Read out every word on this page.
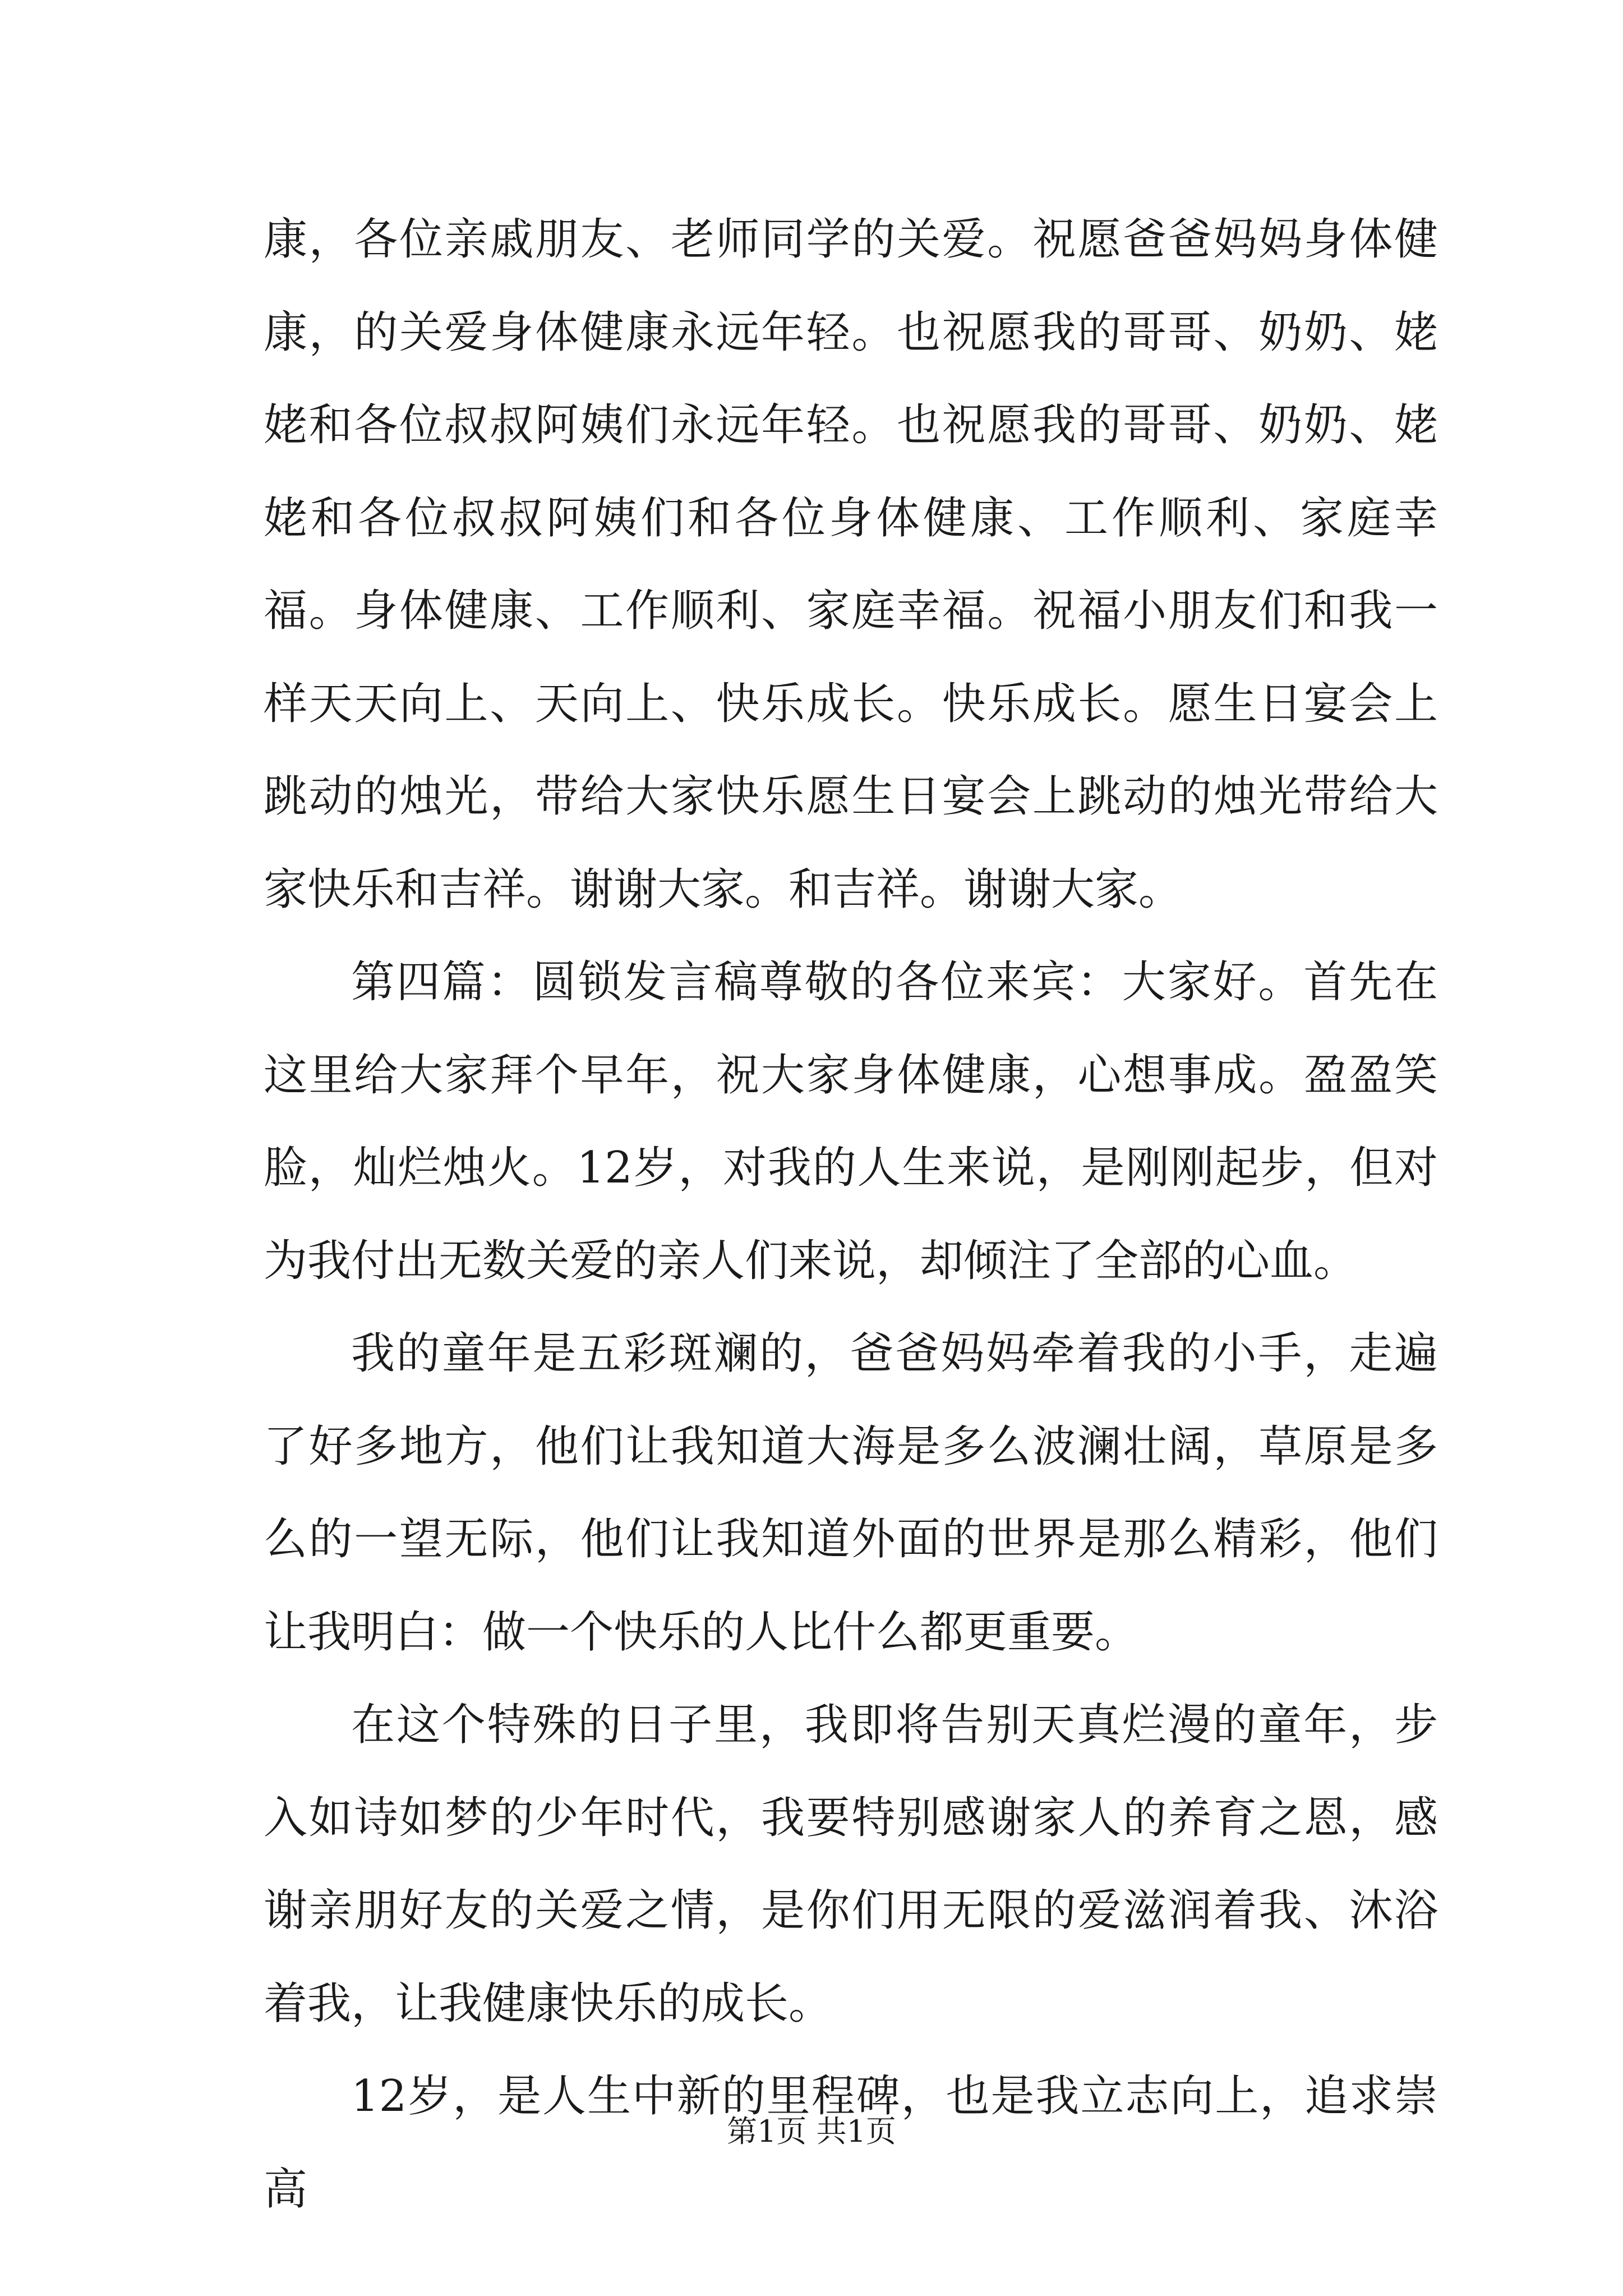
康，各位亲戚朋友、老师同学的关爱。祝愿爸爸妈妈身体健康，的关爱身体健康永远年轻。也祝愿我的哥哥、奶奶、姥姥和各位叔叔阿姨们永远年轻。也祝愿我的哥哥、奶奶、姥姥和各位叔叔阿姨们和各位身体健康、工作顺利、家庭幸福。身体健康、工作顺利、家庭幸福。祝福小朋友们和我一样天天向上、天向上、快乐成长。快乐成长。愿生日宴会上跳动的烛光，带给大家快乐愿生日宴会上跳动的烛光带给大家快乐和吉祥。谢谢大家。和吉祥。谢谢大家。

第四篇：圆锁发言稿尊敬的各位来宾：大家好。首先在这里给大家拜个早年，祝大家身体健康，心想事成。盈盈笑脸，灿烂烛火。12岁，对我的人生来说，是刚刚起步，但对为我付出无数关爱的亲人们来说，却倾注了全部的心血。

我的童年是五彩斑斓的，爸爸妈妈牵着我的小手，走遍了好多地方，他们让我知道大海是多么波澜壮阔，草原是多么的一望无际，他们让我知道外面的世界是那么精彩，他们让我明白：做一个快乐的人比什么都更重要。

在这个特殊的日子里，我即将告别天真烂漫的童年，步入如诗如梦的少年时代，我要特别感谢家人的养育之恩，感谢亲朋好友的关爱之情，是你们用无限的爱滋润着我、沐浴着我，让我健康快乐的成长。

12岁，是人生中新的里程碑，也是我立志向上，追求崇高

第1页 共1页
